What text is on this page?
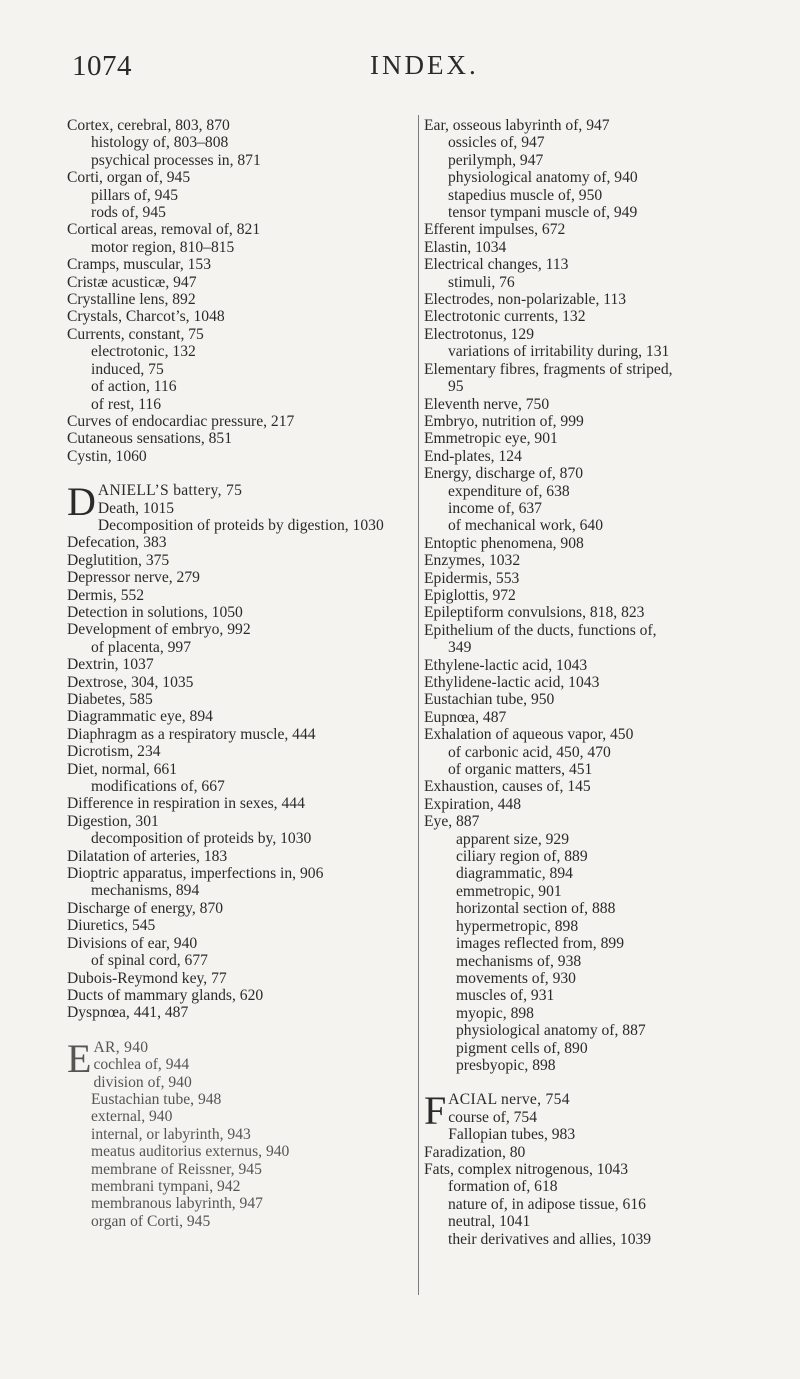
1074	INDEX.
Cortex, cerebral, 803, 870
histology of, 803–808
psychical processes in, 871
Corti, organ of, 945
pillars of, 945
rods of, 945
Cortical areas, removal of, 821
motor region, 810–815
Cramps, muscular, 153
Cristæ acusticæ, 947
Crystalline lens, 892
Crystals, Charcot’s, 1048
Currents, constant, 75
electrotonic, 132
induced, 75
of action, 116
of rest, 116
Curves of endocardiac pressure, 217
Cutaneous sensations, 851
Cystin, 1060
D ANIELL’S battery, 75
Death, 1015
Decomposition of proteids by digestion, 1030
Defecation, 383
Deglutition, 375
Depressor nerve, 279
Dermis, 552
Detection in solutions, 1050
Development of embryo, 992
of placenta, 997
Dextrin, 1037
Dextrose, 304, 1035
Diabetes, 585
Diagrammatic eye, 894
Diaphragm as a respiratory muscle, 444
Dicrotism, 234
Diet, normal, 661
modifications of, 667
Difference in respiration in sexes, 444
Digestion, 301
decomposition of proteids by, 1030
Dilatation of arteries, 183
Dioptric apparatus, imperfections in, 906
mechanisms, 894
Discharge of energy, 870
Diuretics, 545
Divisions of ear, 940
of spinal cord, 677
Dubois-Reymond key, 77
Ducts of mammary glands, 620
Dyspnœa, 441, 487
E AR, 940
cochlea of, 944
division of, 940
Eustachian tube, 948
external, 940
internal, or labyrinth, 943
meatus auditorius externus, 940
membrane of Reissner, 945
membrani tympani, 942
membranous labyrinth, 947
organ of Corti, 945
Ear, osseous labyrinth of, 947
ossicles of, 947
perilymph, 947
physiological anatomy of, 940
stapedius muscle of, 950
tensor tympani muscle of, 949
Efferent impulses, 672
Elastin, 1034
Electrical changes, 113
stimuli, 76
Electrodes, non-polarizable, 113
Electrotonic currents, 132
Electrotonus, 129
variations of irritability during, 131
Elementary fibres, fragments of striped,
95
Eleventh nerve, 750
Embryo, nutrition of, 999
Emmetropic eye, 901
End-plates, 124
Energy, discharge of, 870
expenditure of, 638
income of, 637
of mechanical work, 640
Entoptic phenomena, 908
Enzymes, 1032
Epidermis, 553
Epiglottis, 972
Epileptiform convulsions, 818, 823
Epithelium of the ducts, functions of,
349
Ethylene-lactic acid, 1043
Ethylidene-lactic acid, 1043
Eustachian tube, 950
Eupnœa, 487
Exhalation of aqueous vapor, 450
of carbonic acid, 450, 470
of organic matters, 451
Exhaustion, causes of, 145
Expiration, 448
Eye, 887
apparent size, 929
ciliary region of, 889
diagrammatic, 894
emmetropic, 901
horizontal section of, 888
hypermetropic, 898
images reflected from, 899
mechanisms of, 938
movements of, 930
muscles of, 931
myopic, 898
physiological anatomy of, 887
pigment cells of, 890
presbyopic, 898
F ACIAL nerve, 754
course of, 754
Fallopian tubes, 983
Faradization, 80
Fats, complex nitrogenous, 1043
formation of, 618
nature of, in adipose tissue, 616
neutral, 1041
their derivatives and allies, 1039
